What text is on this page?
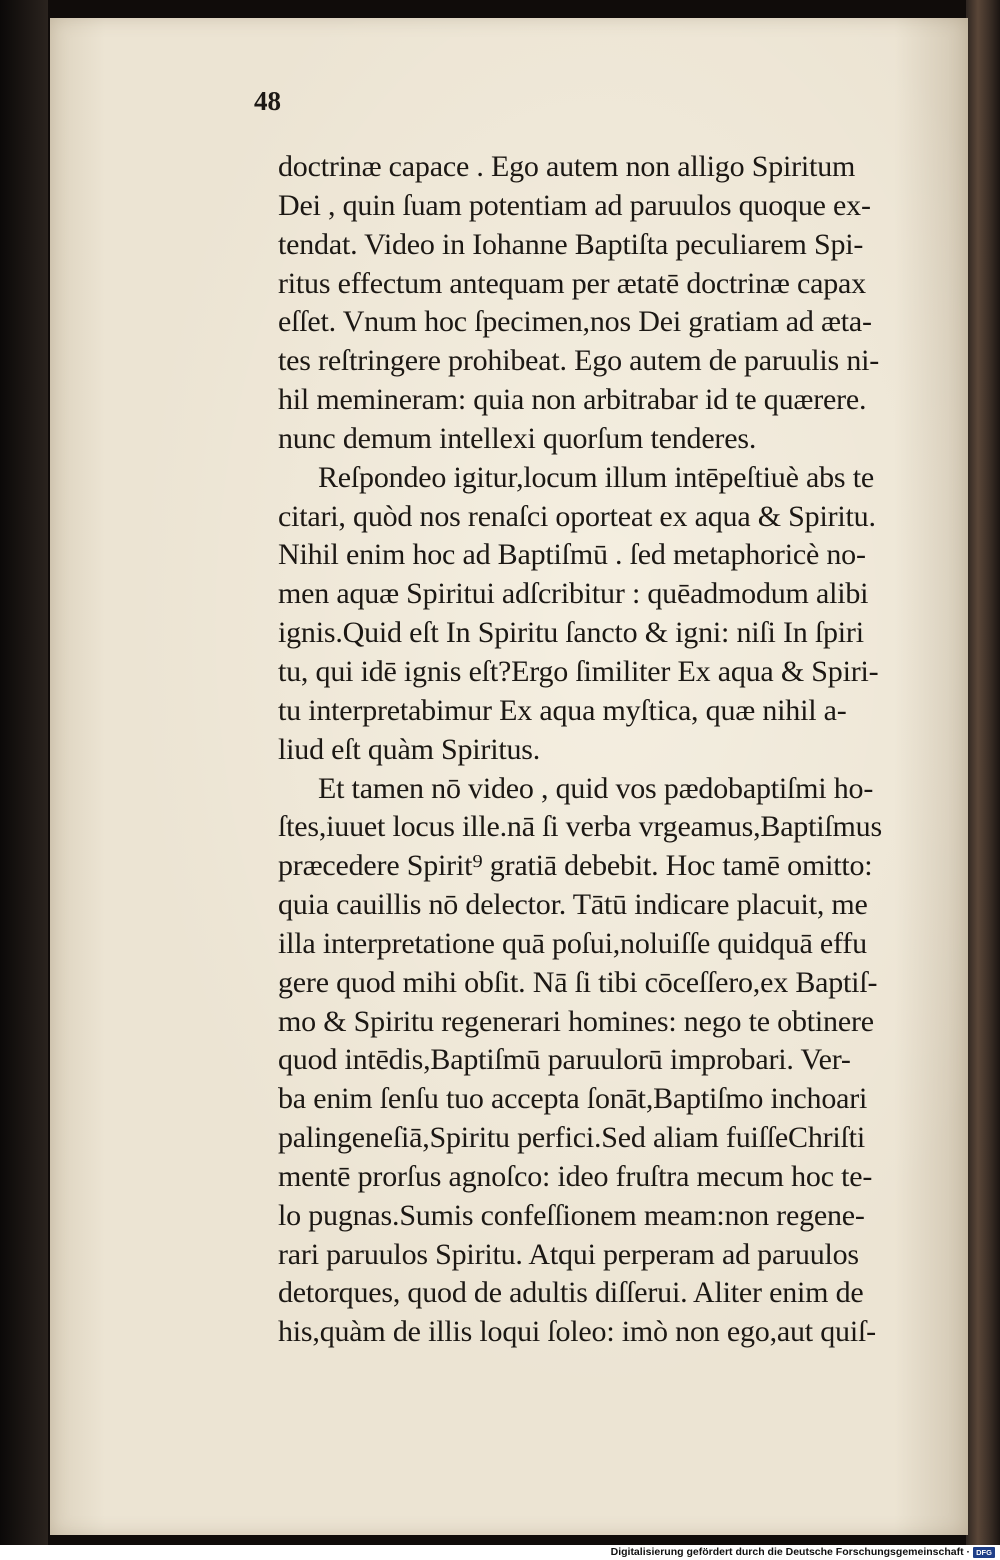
48
doctrinæ capace . Ego autem non alligo Spiritum
Dei , quin ſuam potentiam ad paruulos quoque ex-
tendat. Video in Iohanne Baptiſta peculiarem Spi-
ritus effectum antequam per ætatē doctrinæ capax
eſſet. Vnum hoc ſpecimen,nos Dei gratiam ad æta-
tes reſtringere prohibeat. Ego autem de paruulis ni-
hil memineram: quia non arbitrabar id te quærere.
nunc demum intellexi quorſum tenderes.
Reſpondeo igitur,locum illum intēpeſtiuè abs te
citari, quòd nos renaſci oporteat ex aqua & Spiritu.
Nihil enim hoc ad Baptiſmū . ſed metaphoricè no-
men aquæ Spiritui adſcribitur : quēadmodum alibi
ignis.Quid eſt In Spiritu ſancto & igni: niſi In ſpiri
tu, qui idē ignis eſt?Ergo ſimiliter Ex aqua & Spiri-
tu interpretabimur Ex aqua myſtica, quæ nihil a-
liud eſt quàm Spiritus.
Et tamen nō video , quid vos pædobaptiſmi ho-
ſtes,iuuet locus ille.nā ſi verba vrgeamus,Baptiſmus
præcedere Spirit⁹ gratiā debebit. Hoc tamē omitto:
quia cauillis nō delector. Tātū indicare placuit, me
illa interpretatione quā poſui,noluiſſe quidquā effu
gere quod mihi obſit. Nā ſi tibi cōceſſero,ex Baptiſ-
mo & Spiritu regenerari homines: nego te obtinere
quod intēdis,Baptiſmū paruulorū improbari. Ver-
ba enim ſenſu tuo accepta ſonāt,Baptiſmo inchoari
palingeneſiā,Spiritu perfici.Sed aliam fuiſſeChriſti
mentē prorſus agnoſco: ideo fruſtra mecum hoc te-
lo pugnas.Sumis confeſſionem meam:non regene-
rari paruulos Spiritu. Atqui perperam ad paruulos
detorques, quod de adultis diſſerui. Aliter enim de
his,quàm de illis loqui ſoleo: imò non ego,aut quiſ-
Digitalisierung gefördert durch die Deutsche Forschungsgemeinschaft · DFG
